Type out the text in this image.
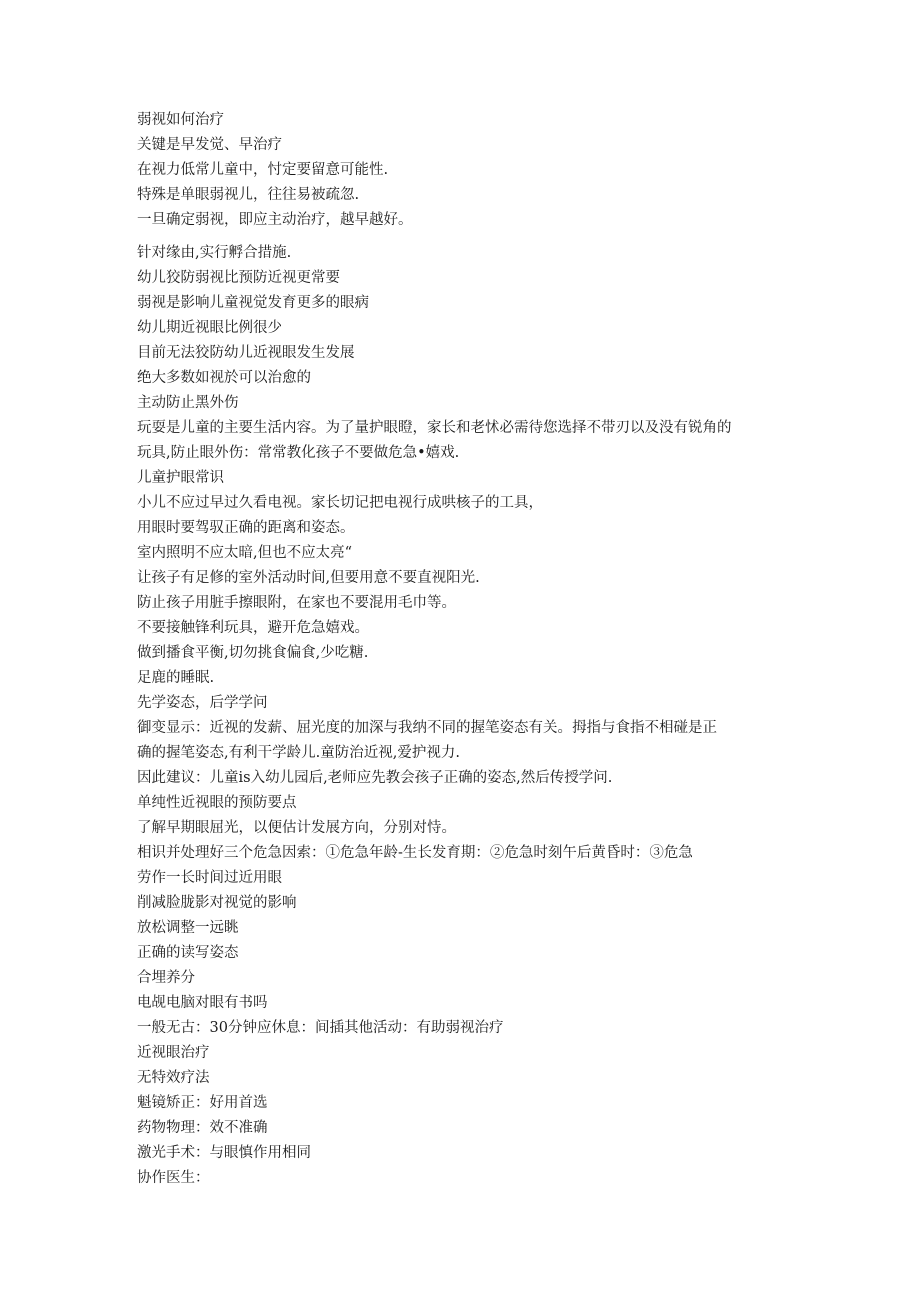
弱视如何治疗
关键是早发觉、早治疗
在视力低常儿童中，忖定要留意可能性.
特殊是单眼弱视儿，往往易被疏忽.
一旦确定弱视，即应主动治疗，越早越好。
针对缘由,实行孵合措施.
幼儿狡防弱视比预防近视更常要
弱视是影响儿童视觉发育更多的眼病
幼儿期近视眼比例很少
目前无法狡防幼儿近视眼发生发展
绝大多数如视於可以治愈的
主动防止黑外伤
玩耍是儿童的主要生活内容。为了量护眼瞪，家长和老怵必需待您选择不带刃以及没有锐角的
玩具,防止眼外伤：常常教化孩子不要做危急•嬉戏.
儿童护眼常识
小儿不应过早过久看电视。家长切记把电视行成哄核子的工具，
用眼时要驾驭正确的距离和姿态。
室内照明不应太暗,但也不应太亮“
让孩子有足修的室外活动时间,但要用意不要直视阳光.
防止孩子用脏手擦眼附，在家也不要混用毛巾等。
不要接触锋利玩具，避开危急嬉戏。
做到播食平衡,切勿挑食偏食,少吃糖.
足鹿的睡眠.
先学姿态，后学学问
御变显示：近视的发薪、屈光度的加深与我纳不同的握笔姿态有关。拇指与食指不相碰是正
确的握笔姿态,有利干学龄儿.童防治近视,爱护视力.
因此建议：儿童is入幼儿园后,老师应先教会孩子正确的姿态,然后传授学问.
单纯性近视眼的预防要点
了解早期眼屈光，以便估计发展方向，分别对恃。
相识并处理好三个危急因索：①危急年龄-生长发育期：②危急时刻午后黄昏时：③危急
劳作一长时间过近用眼
削减脸胧影对视觉的影响
放松调整一远眺
正确的读写姿态
合埋养分
电觇电脑对眼有书吗
一般无古：30分钟应休息：间插其他活动：有助弱视治疗
近视眼治疗
无特效疗法
魁镜矫正：好用首选
药物物理：效不准确
激光手术：与眼慎作用相同
协作医生：
